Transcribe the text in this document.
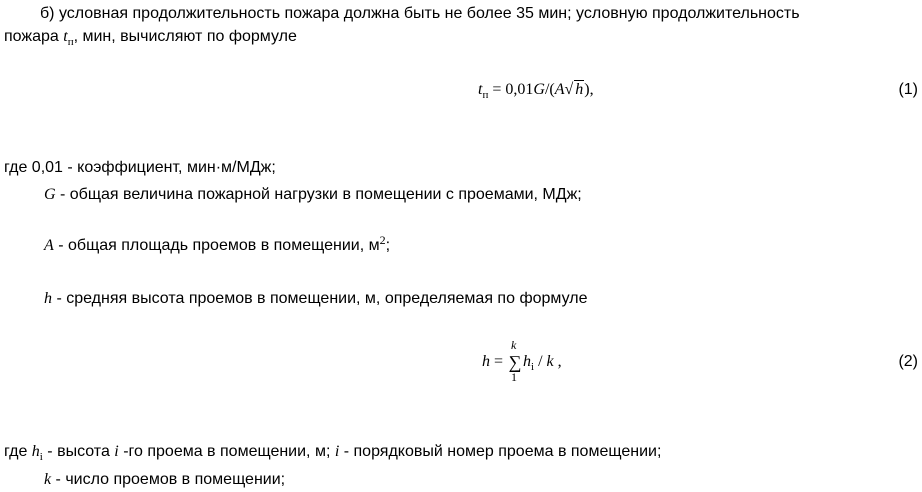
б) условная продолжительность пожара должна быть не более 35 мин; условную продолжительность
пожара $t_п$, мин, вычисляют по формуле
$t_п = 0,01G/(A√$ h),	(1)
где 0,01 - коэффициент, мин·м/МДж;
G - общая величина пожарной нагрузки в помещении с проемами, МДж;
A - общая площадь проемов в помещении, $м^2$;
h - средняя высота проемов в помещении, м, определяемая по формуле
h =
k
∑
1
$h_i$ / k ,	(2)
где $h_i$ - высота i -го проема в помещении, м; i - порядковый номер проема в помещении;
k - число проемов в помещении;
